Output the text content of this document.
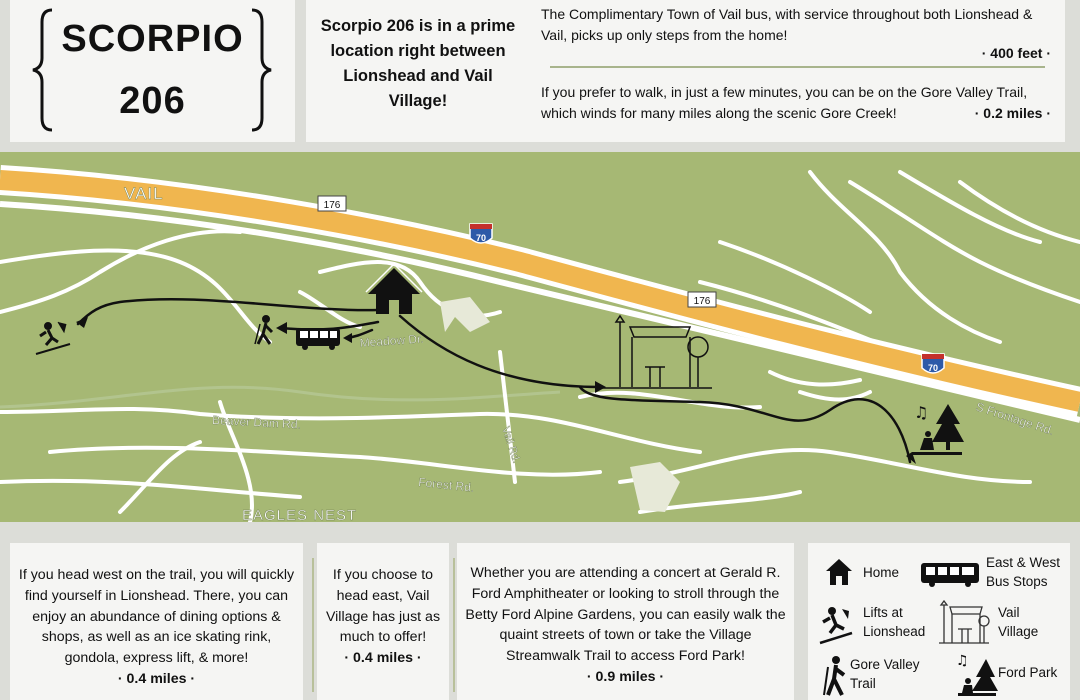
SCORPIO
206
Scorpio 206 is in a prime location right between Lionshead and Vail Village!
The Complimentary Town of Vail bus, with service throughout both Lionshead & Vail, picks up only steps from the home!
· 400 feet ·
If you prefer to walk, in just a few minutes, you can be on the Gore Valley Trail, which winds for many miles along the scenic Gore Creek!	· 0.2 miles ·
176
176
70
70
VAIL
EAGLES NEST
Beaver Dam Rd.
Forest Rd.
Vail Rd.
Meadow Dr.
S Frontage Rd.
♫
If you head west on the trail, you will quickly find yourself in Lionshead. There, you can enjoy an abundance of dining options & shops, as well as an ice skating rink, gondola, express lift, & more!
· 0.4 miles ·
If you choose to head east, Vail Village has just as much to offer!
· 0.4 miles ·
Whether you are attending a concert at Gerald R. Ford Amphitheater or looking to stroll through the Betty Ford Alpine Gardens, you can easily walk the quaint streets of town or take the Village Streamwalk Trail to access Ford Park!
· 0.9 miles ·
Home
East & West
Bus Stops
Lifts at
Lionshead
Vail
Village
Gore Valley
Trail
♫
Ford Park
